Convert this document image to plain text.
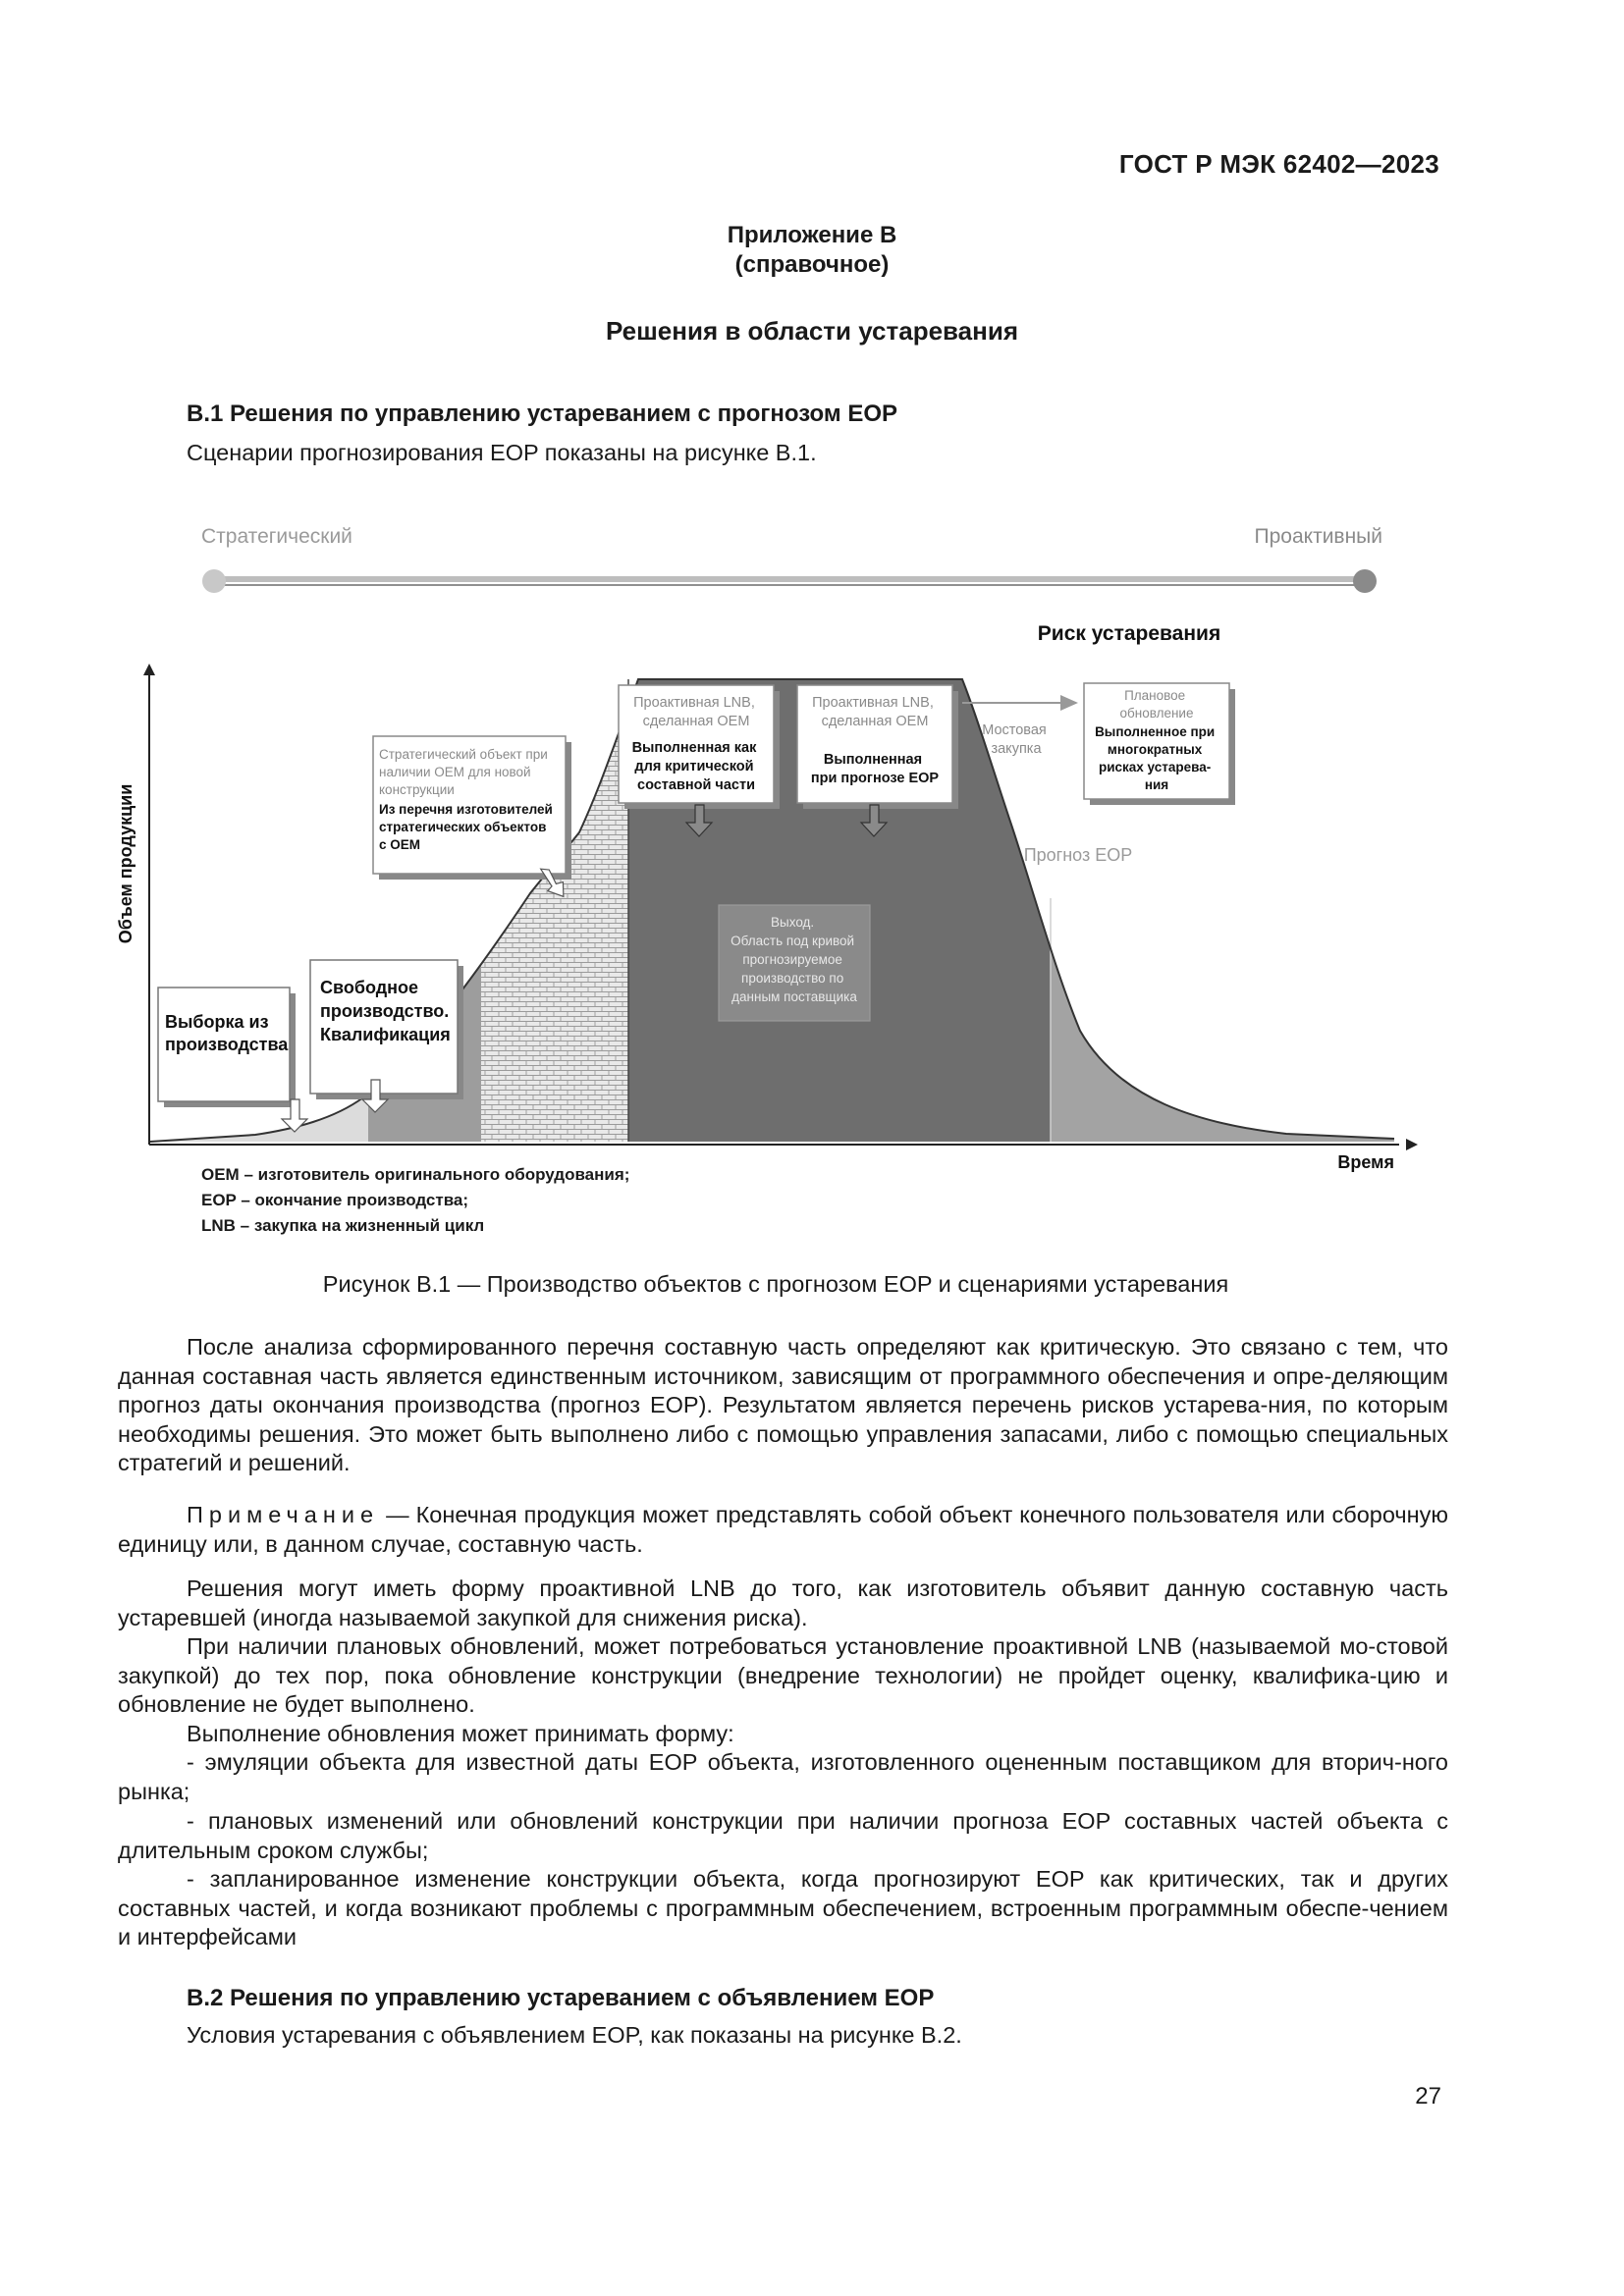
ГОСТ Р МЭК 62402—2023
Приложение В
(справочное)
Решения в области устаревания
В.1 Решения по управлению устареванием с прогнозом EOP
Сценарии прогнозирования EOP показаны на рисунке В.1.
Стратегический	Проактивный
Риск устаревания
Объем продукции
Время
Выборка из производства
Свободное производство. Квалификация
Стратегический объект при наличии OEM для новой конструкции
Из перечня изготовителей стратегических объектов с OEM
Проактивная LNB, сделанная OEM
Выполненная как для критической составной части
Проактивная LNB, сделанная OEM
Выполненная при прогнозе EOP
Мостовая закупка
Плановое обновление
Выполненное при многократных рисках устарева- ния
Прогноз EOP
Выход. Область под кривой прогнозируемое производство по данным поставщика
OEM – изготовитель оригинального оборудования;
EOP – окончание производства;
LNB – закупка на жизненный цикл
Рисунок В.1 — Производство объектов с прогнозом EOP и сценариями устаревания
После анализа сформированного перечня составную часть определяют как критическую. Это связано с тем, что данная составная часть является единственным источником, зависящим от программного обеспечения и опре-деляющим прогноз даты окончания производства (прогноз EOP). Результатом является перечень рисков устарева-ния, по которым необходимы решения. Это может быть выполнено либо с помощью управления запасами, либо с помощью специальных стратегий и решений.
Примечание — Конечная продукция может представлять собой объект конечного пользователя или сборочную единицу или, в данном случае, составную часть.
Решения могут иметь форму проактивной LNB до того, как изготовитель объявит данную составную часть устаревшей (иногда называемой закупкой для снижения риска).
При наличии плановых обновлений, может потребоваться установление проактивной LNB (называемой мо-стовой закупкой) до тех пор, пока обновление конструкции (внедрение технологии) не пройдет оценку, квалифика-цию и обновление не будет выполнено.
Выполнение обновления может принимать форму:
- эмуляции объекта для известной даты EOP объекта, изготовленного оцененным поставщиком для вторич-ного рынка;
- плановых изменений или обновлений конструкции при наличии прогноза EOP составных частей объекта с длительным сроком службы;
- запланированное изменение конструкции объекта, когда прогнозируют EOP как критических, так и других составных частей, и когда возникают проблемы с программным обеспечением, встроенным программным обеспе-чением и интерфейсами
В.2 Решения по управлению устареванием с объявлением EOP
Условия устаревания с объявлением EOP, как показаны на рисунке В.2.
27
